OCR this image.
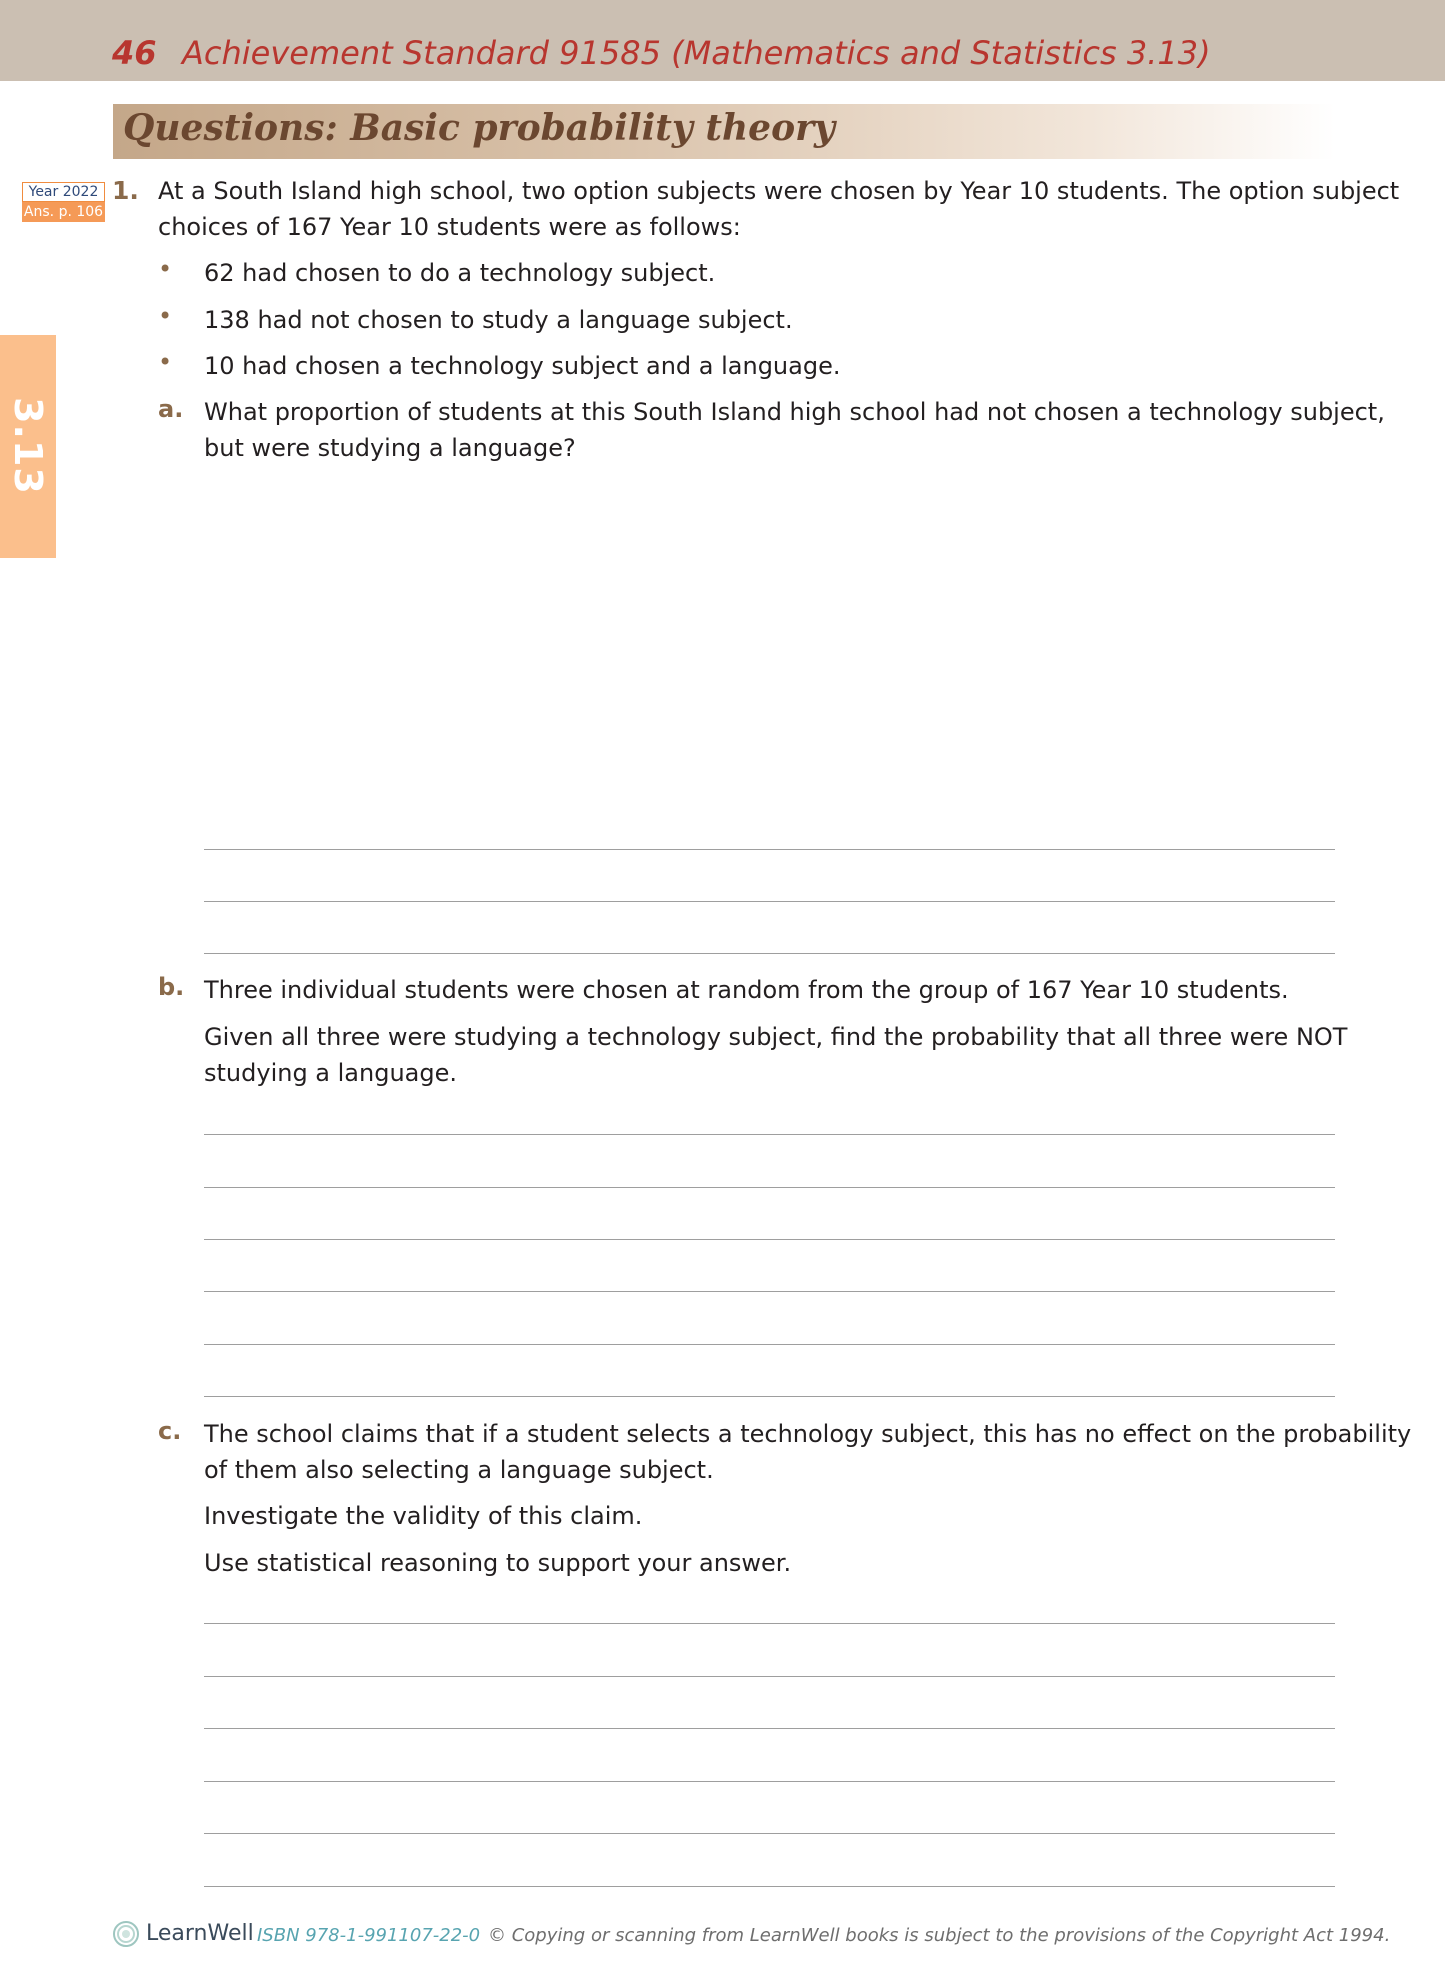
46 Achievement Standard 91585 (Mathematics and Statistics 3.13)
Questions: Basic probability theory
3.13
Year 2022
Ans. p. 106
1. At a South Island high school, two option subjects were chosen by Year 10 students. The option subject
choices of 167 Year 10 students were as follows:
• 62 had chosen to do a technology subject.
• 138 had not chosen to study a language subject.
• 10 had chosen a technology subject and a language.
a. What proportion of students at this South Island high school had not chosen a technology subject,
but were studying a language?
b. Three individual students were chosen at random from the group of 167 Year 10 students.
Given all three were studying a technology subject, find the probability that all three were NOT
studying a language.
c. The school claims that if a student selects a technology subject, this has no effect on the probability
of them also selecting a language subject.
Investigate the validity of this claim.
Use statistical reasoning to support your answer.
LearnWell ISBN 978-1-991107-22-0 © Copying or scanning from LearnWell books is subject to the provisions of the Copyright Act 1994.
